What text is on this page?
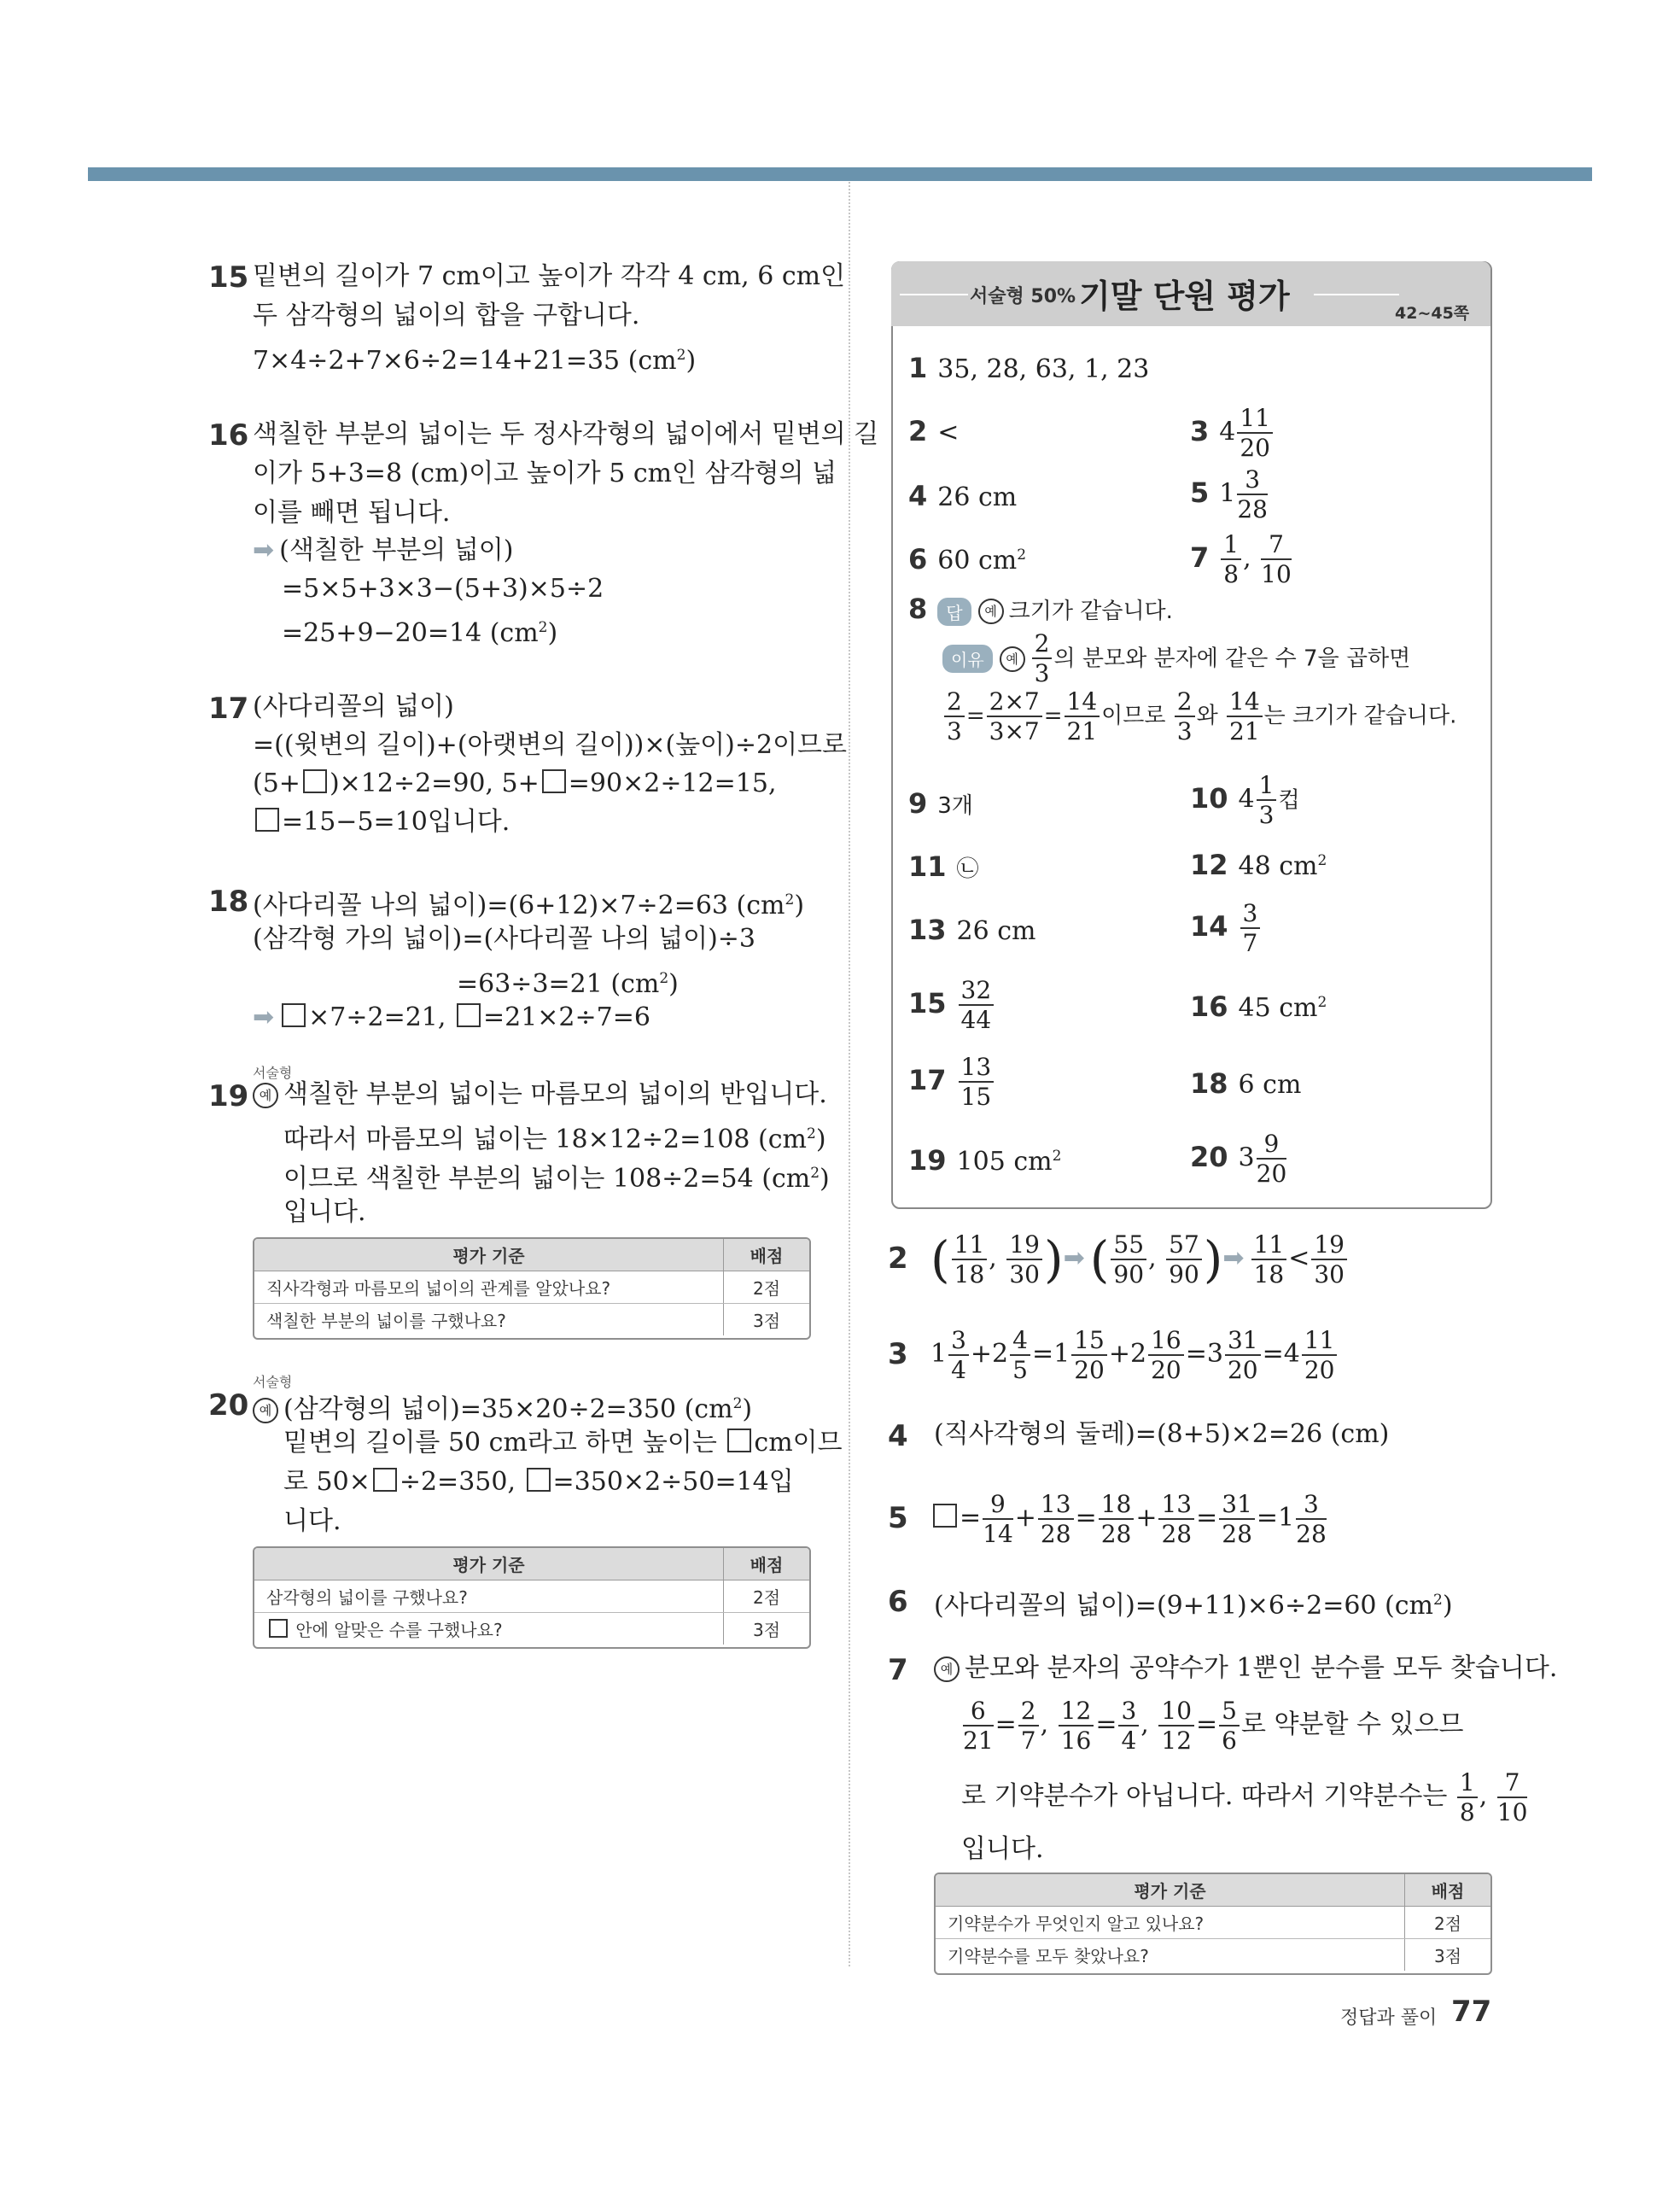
15 밑변의 길이가 7 cm이고 높이가 각각 4 cm, 6 cm인
두 삼각형의 넓이의 합을 구합니다.
7×4÷2+7×6÷2=14+21=35 $(cm^2)$
16 색칠한 부분의 넓이는 두 정사각형의 넓이에서 밑변의 길
이가 5+3=8 (cm)이고 높이가 5 cm인 삼각형의 넓
이를 빼면 됩니다.
➡ (색칠한 부분의 넓이)
=5×5+3×3−(5+3)×5÷2
=25+9−20=14 $(cm^2)$
17 (사다리꼴의 넓이)
=((윗변의 길이)+(아랫변의 길이))×(높이)÷2이므로
(5+ )×12÷2=90, 5+ =90×2÷12=15,
=15−5=10입니다.
18 (사다리꼴 나의 넓이)=(6+12)×7÷2=63 $(cm^2)$
(삼각형 가의 넓이)=(사다리꼴 나의 넓이)÷3
=63÷3=21 $(cm^2)$
➡ ×7÷2=21, =21×2÷7=6
서술형
19 예 색칠한 부분의 넓이는 마름모의 넓이의 반입니다.
따라서 마름모의 넓이는 18×12÷2=108 $(cm^2)$
이므로 색칠한 부분의 넓이는 108÷2=54 $(cm^2)$
입니다.
평가 기준	배점
직사각형과 마름모의 넓이의 관계를 알았나요?	2점
색칠한 부분의 넓이를 구했나요?	3점
서술형
20 예 (삼각형의 넓이)=35×20÷2=350 $(cm^2)$
밑변의 길이를 50 cm라고 하면 높이는 cm이므
로 50× ÷2=350, =350×2÷50=14입
니다.
평가 기준	배점
삼각형의 넓이를 구했나요?	2점
안에 알맞은 수를 구했나요?	3점
서술형 50% 기말 단원 평가	42~45쪽
1 35, 28, 63, 1, 23
2 <	3 $4 \frac{11}{20}$
4 26 cm	5 $1 \frac{3}{28}$
6 60 $cm^2$	$7 \frac{1}{8}$ , $\frac{7}{10}$
8 답 예 크기가 같습니다.
이유 예 $\frac{2}{3}$ 의 분모와 분자에 같은 수 7을 곱하면
$\frac{2}{3} = \frac{2\times 7}{3\times 7} = \frac{14}{21}$ 이므로 $\frac{2}{3}$ 와 $\frac{14}{21}$ 는 크기가 같습니다.
9 3개	10 $4 \frac{1}{3}$ 컵
11 ㉡	12 48 $cm^2$
13 26 cm	$14 \frac{3}{7}$
$15 \frac{32}{44}$	16 45 $cm^2$
$17 \frac{13}{15}$	18 6 cm
19 105 $cm^2$	20 $3 \frac{9}{20}$
2 ( $\frac{11}{18}$ , $\frac{19}{30}$ )➡ ( $\frac{55}{90}$ , $\frac{57}{90}$ )➡ $\frac{11}{18} < \frac{19}{30}$
3 $1 \frac{3}{4} +2 \frac{4}{5} =1 \frac{15}{20} +2 \frac{16}{20} =3 \frac{31}{20} =4 \frac{11}{20}$
4 (직사각형의 둘레)=(8+5)×2=26 (cm)
5	= $\frac{9}{14} + \frac{13}{28} = \frac{18}{28} + \frac{13}{28} = \frac{31}{28} =1 \frac{3}{28}$
6 (사다리꼴의 넓이)=(9+11)×6÷2=60 $(cm^2)$
7	예 분모와 분자의 공약수가 1뿐인 분수를 모두 찾습니다.
$\frac{6}{21} = \frac{2}{7}$ , $\frac{12}{16} = \frac{3}{4}$ , $\frac{10}{12} = \frac{5}{6}$ 로 약분할 수 있으므
로 기약분수가 아닙니다. 따라서 기약분수는 $\frac{1}{8}$ , $\frac{7}{10}$
입니다.
평가 기준	배점
기약분수가 무엇인지 알고 있나요?	2점
기약분수를 모두 찾았나요?	3점
정답과 풀이 77
